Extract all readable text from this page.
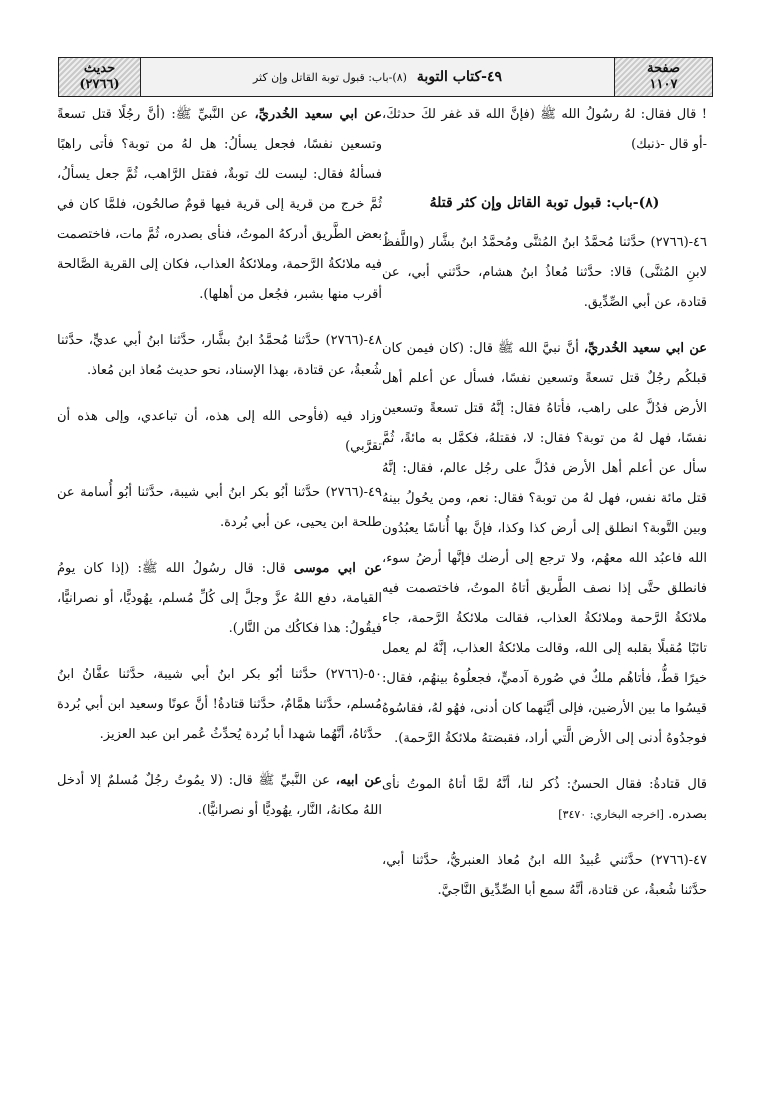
حديث
(٢٧٦٦)	٤٩-كتاب التوبة
(٨)-باب: قبول توبة القاتل وإن كثر
صفحة
١١٠٧

! قال فقال: لهُ رسُولُ الله ﷺ (فإنَّ الله قد غفر لكَ حدثكَ، -أو قال -ذنبك)

(٨)-باب: قبول توبة القاتل وإن كثر قتلهُ

٤٦-(٢٧٦٦) حدَّثنا مُحمَّدُ ابنُ المُثنَّى ومُحمَّدُ ابنُ بشَّار (واللَّفظُ لابنِ المُثنَّى) قالا: حدَّثنا مُعاذُ ابنُ هشام، حدَّثني أبي، عن قتادة، عن أبي الصِّدِّيق.

عن ابي سعيد الخُدريِّ، أنَّ نبيَّ الله ﷺ قال: (كان فيمن كان قبلكُم رجُلٌ قتل تسعةً وتسعين نفسًا، فسأل عن أعلم أهل الأرض فدُلَّ على راهب، فأتاهُ فقال: إنَّهُ قتل تسعةً وتسعين نفسًا، فهل لهُ من توبة؟ فقال: لا، فقتلهُ، فكمَّل به مائةً، ثُمَّ سأل عن أعلم أهل الأرض فدُلَّ على رجُل عالم، فقال: إنَّهُ قتل مائة نفس، فهل لهُ من توبة؟ فقال: نعم، ومن يحُولُ بينهُ وبين التَّوبة؟ انطلق إلى أرض كذا وكذا، فإنَّ بها أُناسًا يعبُدُون الله فاعبُد الله معهُم، ولا ترجع إلى أرضك فإنَّها أرضُ سوء، فانطلق حتَّى إذا نصف الطَّريق أتاهُ الموتُ، فاختصمت فيه ملائكةُ الرَّحمة وملائكةُ العذاب، فقالت ملائكةُ الرَّحمة، جاء تائبًا مُقبلًا بقلبه إلى الله، وقالت ملائكةُ العذاب، إنَّهُ لم يعمل خيرًا قطُّ، فأتاهُم ملكٌ في صُورة آدميٍّ، فجعلُوهُ بينهُم، فقال: قيسُوا ما بين الأرضين، فإلى أيَّتهما كان أدنى، فهُو لهُ، فقاسُوهُ فوجدُوهُ أدنى إلى الأرض الَّتي أراد، فقبضتهُ ملائكةُ الرَّحمة).

قال قتادةُ: فقال الحسنُ: ذُكر لنا، أنَّهُ لمَّا أتاهُ الموتُ نأى بصدره. [اخرجه البخاري: ٣٤٧٠]

٤٧-(٢٧٦٦) حدَّثني عُبيدُ الله ابنُ مُعاذ العنبريُّ، حدَّثنا أبي، حدَّثنا شُعبةُ، عن قتادة، أنَّهُ سمع أبا الصِّدِّيق النَّاجيَّ.

عن ابي سعيد الخُدريِّ، عن النَّبيِّ ﷺ: (أنَّ رجُلًا قتل تسعةً وتسعين نفسًا، فجعل يسألُ: هل لهُ من توبة؟ فأتى راهبًا فسألهُ فقال: ليست لك توبةٌ، فقتل الرَّاهب، ثُمَّ جعل يسألُ، ثُمَّ خرج من قرية إلى قرية فيها قومٌ صالحُون، فلمَّا كان في بعض الطَّريق أدركهُ الموتُ، فنأى بصدره، ثُمَّ مات، فاختصمت فيه ملائكةُ الرَّحمة، وملائكةُ العذاب، فكان إلى القرية الصَّالحة أقرب منها بشبر، فجُعل من أهلها).

٤٨-(٢٧٦٦) حدَّثنا مُحمَّدُ ابنُ بشَّار، حدَّثنا ابنُ أبي عديٍّ، حدَّثنا شُعبةُ، عن قتادة، بهذا الإسناد، نحو حديث مُعاذ ابن مُعاذ.

وزاد فيه (فأوحى الله إلى هذه، أن تباعدي، وإلى هذه أن تقرَّبي)

٤٩-(٢٧٦٦) حدَّثنا أبُو بكر ابنُ أبي شيبة، حدَّثنا أبُو أُسامة عن طلحة ابن يحيى، عن أبي بُردة.

عن ابي موسى قال: قال رسُولُ الله ﷺ: (إذا كان يومُ القيامة، دفع اللهُ عزَّ وجلَّ إلى كُلِّ مُسلم، يهُوديًّا، أو نصرانيًّا، فيقُولُ: هذا فكاكُك من النَّار).

٥٠-(٢٧٦٦) حدَّثنا أبُو بكر ابنُ أبي شيبة، حدَّثنا عفَّانُ ابنُ مُسلم، حدَّثنا همَّامٌ، حدَّثنا قتادةُ! أنَّ عونًا وسعيد ابن أبي بُردة حدَّثاهُ، أنَّهُما شهدا أبا بُردة يُحدِّثُ عُمر ابن عبد العزيز.

عن ابيه، عن النَّبيِّ ﷺ قال: (لا يمُوتُ رجُلٌ مُسلمٌ إلا أدخل اللهُ مكانهُ، النَّار، يهُوديًّا أو نصرانيًّا).
